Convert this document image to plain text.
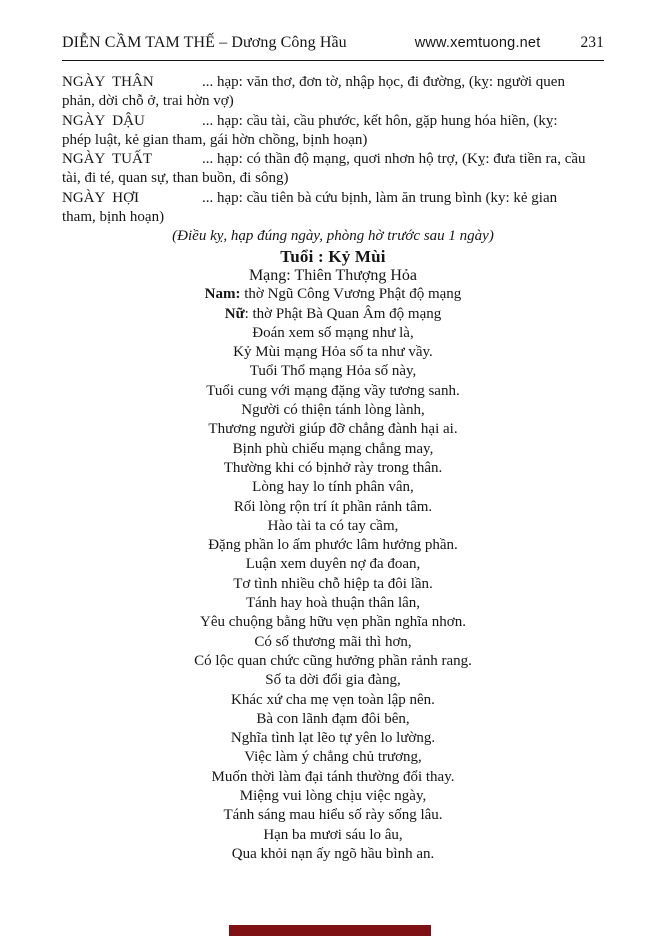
DIỄN CẦM TAM THẾ – Dương Công Hầu	www.xemtuong.net	231
NGÀY  THÂN	... hạp: văn thơ, đơn tờ, nhập học, đi đường, (kỵ: người quen
phản, dời chỗ ở, trai hờn vợ)
NGÀY  DẬU	... hạp: cầu tài, cầu phước, kết hôn, gặp hung hóa hiền, (kỵ:
phép luật, kẻ gian tham, gái hờn chồng, bịnh hoạn)
NGÀY  TUẤT	... hạp: có thần độ mạng, quơi nhơn hộ trợ, (Kỵ: đưa tiền ra, cầu
tài, đi té, quan sự, than buồn, đi sông)
NGÀY  HỢI	... hạp: cầu tiên bà cứu bịnh, làm ăn trung bình (ky: kẻ gian
tham, bịnh hoạn)
(Điều kỵ, hạp đúng ngày, phòng hờ trước sau 1 ngày)
Tuổi : Kỷ Mùi
Mạng: Thiên Thượng Hỏa
Nam: thờ Ngũ Công Vương Phật độ mạng
Nữ: thờ Phật Bà Quan Âm độ mạng
Đoán xem số mạng như là,
Kỷ Mùi mạng Hỏa số ta như vầy.
Tuổi Thổ mạng Hỏa số này,
Tuổi cung với mạng đặng vầy tương sanh.
Người có thiện tánh lòng lành,
Thương người giúp đỡ chẳng đành hại ai.
Bịnh phù chiếu mạng chẳng may,
Thường khi có bịnhở rày trong thân.
Lòng hay lo tính phân vân,
Rối lòng rộn trí ít phần rảnh tâm.
Hào tài ta có tay cầm,
Đặng phần lo ấm phước lâm hưởng phần.
Luận xem duyên nợ đa đoan,
Tơ tình nhiều chỗ hiệp ta đôi lần.
Tánh hay hoà thuận thân lân,
Yêu chuộng bằng hữu vẹn phần nghĩa nhơn.
Có số thương mãi thì hơn,
Có lộc quan chức cũng hưởng phần rảnh rang.
Số ta dời đổi gia đàng,
Khác xứ cha mẹ vẹn toàn lập nên.
Bà con lãnh đạm đôi bên,
Nghĩa tình lạt lẽo tự yên lo lường.
Việc làm ý chẳng chủ trương,
Muốn thời làm đại tánh thường đổi thay.
Miệng vui lòng chịu việc ngày,
Tánh sáng mau hiểu số rày sống lâu.
Hạn ba mươi sáu lo âu,
Qua khỏi nạn ấy ngõ hầu bình an.
